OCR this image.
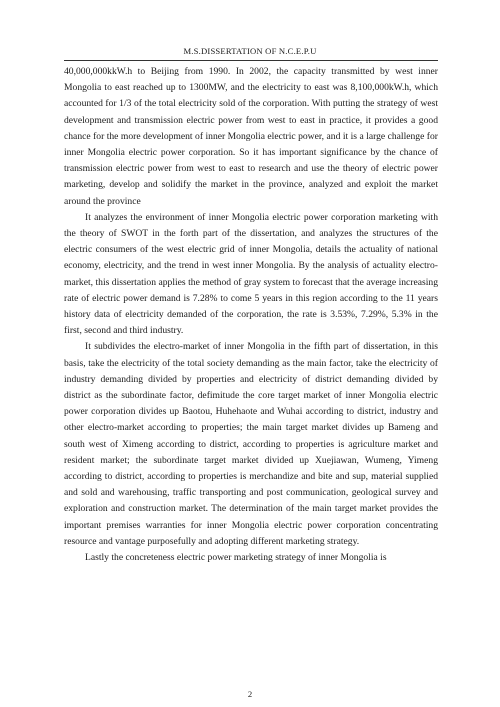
M.S.DISSERTATION OF N.C.E.P.U

40,000,000kkW.h to Beijing from 1990. In 2002, the capacity transmitted by west inner Mongolia to east reached up to 1300MW, and the electricity to east was 8,100,000kW.h, which accounted for 1/3 of the total electricity sold of the corporation. With putting the strategy of west development and transmission electric power from west to east in practice, it provides a good chance for the more development of inner Mongolia electric power, and it is a large challenge for inner Mongolia electric power corporation. So it has important significance by the chance of transmission electric power from west to east to research and use the theory of electric power marketing, develop and solidify the market in the province, analyzed and exploit the market around the province

It analyzes the environment of inner Mongolia electric power corporation marketing with the theory of SWOT in the forth part of the dissertation, and analyzes the structures of the electric consumers of the west electric grid of inner Mongolia, details the actuality of national economy, electricity, and the trend in west inner Mongolia. By the analysis of actuality electro-market, this dissertation applies the method of gray system to forecast that the average increasing rate of electric power demand is 7.28% to come 5 years in this region according to the 11 years history data of electricity demanded of the corporation, the rate is 3.53%, 7.29%, 5.3% in the first, second and third industry.

It subdivides the electro-market of inner Mongolia in the fifth part of dissertation, in this basis, take the electricity of the total society demanding as the main factor, take the electricity of industry demanding divided by properties and electricity of district demanding divided by district as the subordinate factor, defimitude the core target market of inner Mongolia electric power corporation divides up Baotou, Huhehaote and Wuhai according to district, industry and other electro-market according to properties; the main target market divides up Bameng and south west of Ximeng according to district, according to properties is agriculture market and resident market; the subordinate target market divided up Xuejiawan, Wumeng, Yimeng according to district, according to properties is merchandize and bite and sup, material supplied and sold and warehousing, traffic transporting and post communication, geological survey and exploration and construction market. The determination of the main target market provides the important premises warranties for inner Mongolia electric power corporation concentrating resource and vantage purposefully and adopting different marketing strategy.

Lastly the concreteness electric power marketing strategy of inner Mongolia is

2
